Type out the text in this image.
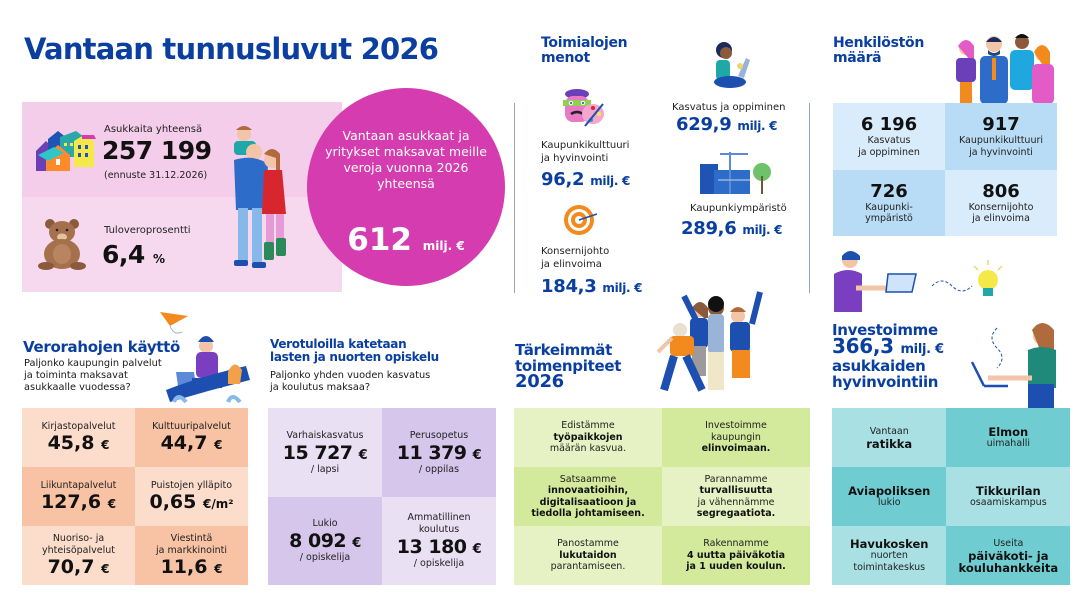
Vantaan tunnusluvut 2026
Asukkaita yhteensä
257 199
(ennuste 31.12.2026)
Tuloveroprosentti
6,4 %
Vantaan asukkaat ja yritykset maksavat meille veroja vuonna 2026 yhteensä
612 milj. €
Toimialojen
menot
Kaupunkikulttuuri
ja hyvinvointi
96,2 milj. €
Konsernijohto
ja elinvoima
184,3 milj. €
Kasvatus ja oppiminen
629,9 milj. €
Kaupunkiympäristö
289,6 milj. €
Henkilöstön
määrä
6 196
Kasvatus
ja oppiminen
917
Kaupunkikulttuuri
ja hyvinvointi
726
Kaupunki-
ympäristö
806
Konsernijohto
ja elinvoima
Investoimme
366,3 milj. €
asukkaiden
hyvinvointiin
Vantaan
ratikka
Elmon
uimahalli
Aviapoliksen
lukio
Tikkurilan
osaamiskampus
Havukosken
nuorten toimintakeskus
Useita
päiväkoti- ja kouluhankkeita
Tärkeimmät
toimenpiteet
2026
Edistämme
työpaikkojen
määrän kasvua.
Investoimme
kaupungin
elinvoimaan.
Satsaamme
innovaatioihin,
digitalisaatioon ja
tiedolla johtamiseen.
Parannamme
turvallisuutta
ja vähennämme
segregaatiota.
Panostamme
lukutaidon
parantamiseen.
Rakennamme
4 uutta päiväkotia
ja 1 uuden koulun.
Verorahojen käyttö
Paljonko kaupungin palvelut
ja toiminta maksavat
asukkaalle vuodessa?
Kirjastopalvelut
45,8 €
Kulttuuripalvelut
44,7 €
Liikuntapalvelut
127,6 €
Puistojen ylläpito
0,65 €/m²
Nuoriso- ja
yhteisöpalvelut
70,7 €
Viestintä
ja markkinointi
11,6 €
Verotuloilla katetaan
lasten ja nuorten opiskelu
Paljonko yhden vuoden kasvatus
ja koulutus maksaa?
Varhaiskasvatus
15 727 €
/ lapsi
Perusopetus
11 379 €
/ oppilas
Lukio
8 092 €
/ opiskelija
Ammatillinen
koulutus
13 180 €
/ opiskelija
